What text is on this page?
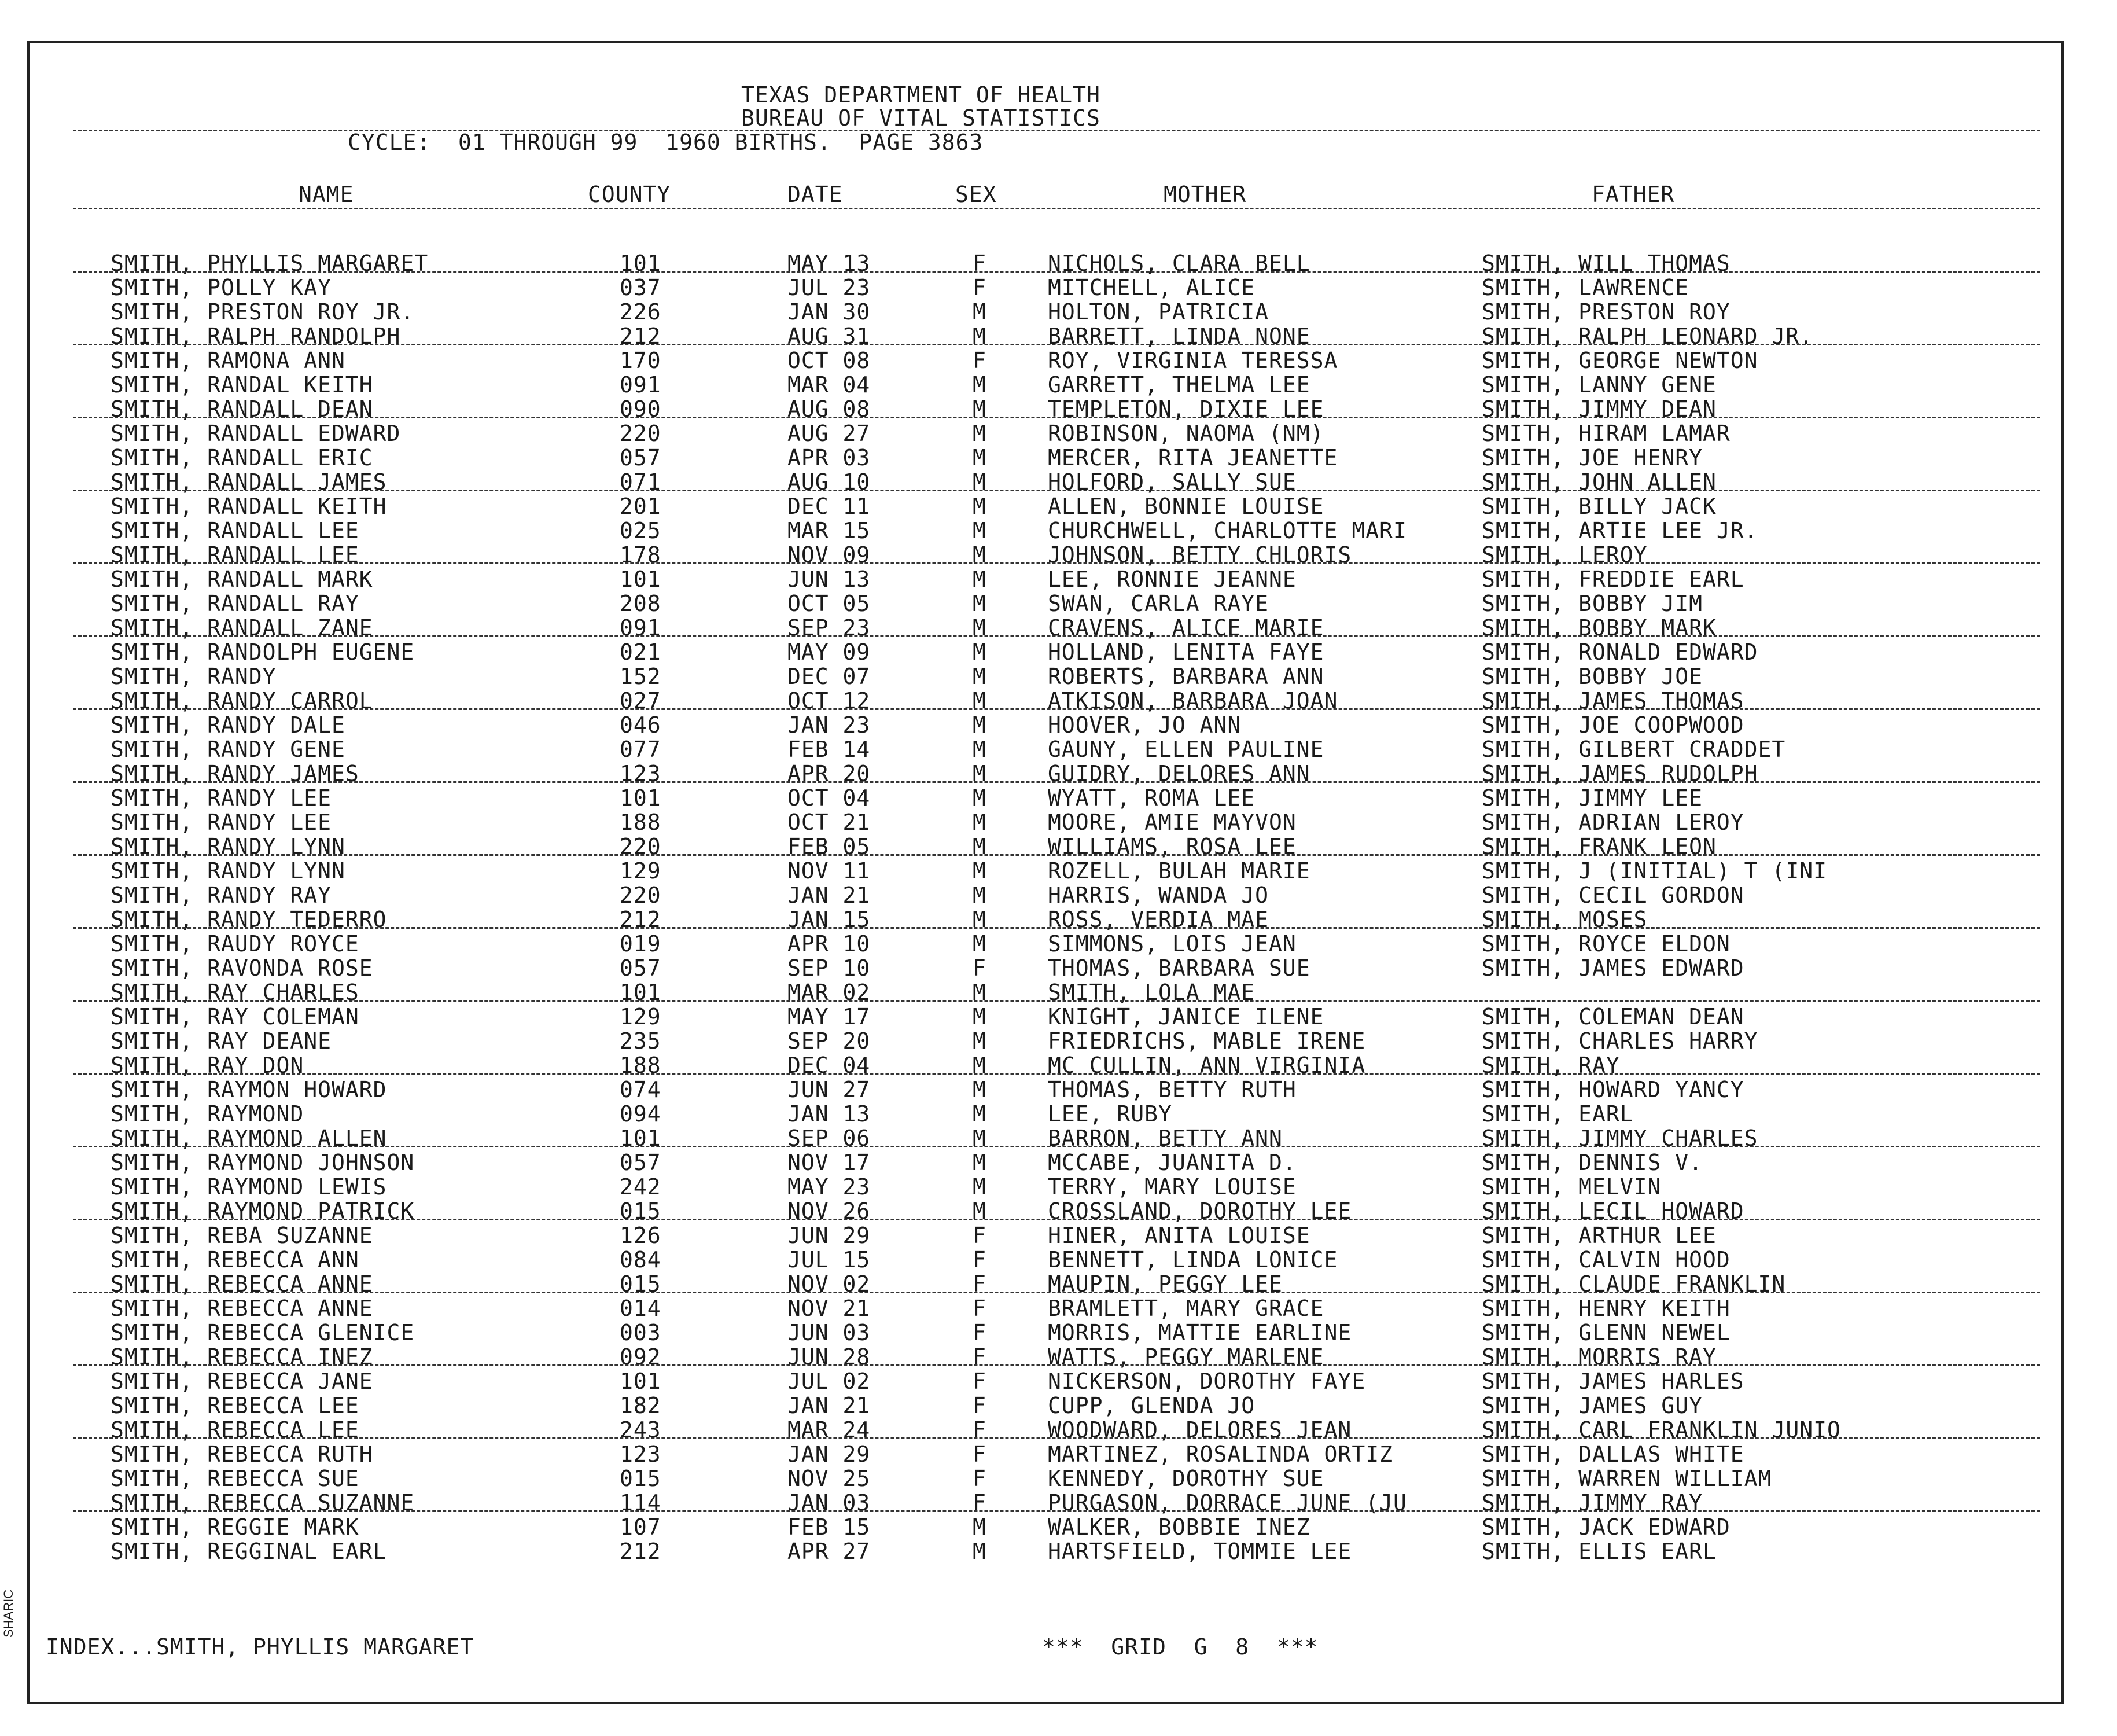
TEXAS DEPARTMENT OF HEALTH
BUREAU OF VITAL STATISTICS
CYCLE:  01 THROUGH 99  1960 BIRTHS.  PAGE 3863
NAME	COUNTY	DATE	SEX	MOTHER	FATHER
SMITH, PHYLLIS MARGARET	101	MAY 13	F	NICHOLS, CLARA BELL	SMITH, WILL THOMAS
SMITH, POLLY KAY	037	JUL 23	F	MITCHELL, ALICE	SMITH, LAWRENCE
SMITH, PRESTON ROY JR.	226	JAN 30	M	HOLTON, PATRICIA	SMITH, PRESTON ROY
SMITH, RALPH RANDOLPH	212	AUG 31	M	BARRETT, LINDA NONE	SMITH, RALPH LEONARD JR.
SMITH, RAMONA ANN	170	OCT 08	F	ROY, VIRGINIA TERESSA	SMITH, GEORGE NEWTON
SMITH, RANDAL KEITH	091	MAR 04	M	GARRETT, THELMA LEE	SMITH, LANNY GENE
SMITH, RANDALL DEAN	090	AUG 08	M	TEMPLETON, DIXIE LEE	SMITH, JIMMY DEAN
SMITH, RANDALL EDWARD	220	AUG 27	M	ROBINSON, NAOMA (NM)	SMITH, HIRAM LAMAR
SMITH, RANDALL ERIC	057	APR 03	M	MERCER, RITA JEANETTE	SMITH, JOE HENRY
SMITH, RANDALL JAMES	071	AUG 10	M	HOLFORD, SALLY SUE	SMITH, JOHN ALLEN
SMITH, RANDALL KEITH	201	DEC 11	M	ALLEN, BONNIE LOUISE	SMITH, BILLY JACK
SMITH, RANDALL LEE	025	MAR 15	M	CHURCHWELL, CHARLOTTE MARI	SMITH, ARTIE LEE JR.
SMITH, RANDALL LEE	178	NOV 09	M	JOHNSON, BETTY CHLORIS	SMITH, LEROY
SMITH, RANDALL MARK	101	JUN 13	M	LEE, RONNIE JEANNE	SMITH, FREDDIE EARL
SMITH, RANDALL RAY	208	OCT 05	M	SWAN, CARLA RAYE	SMITH, BOBBY JIM
SMITH, RANDALL ZANE	091	SEP 23	M	CRAVENS, ALICE MARIE	SMITH, BOBBY MARK
SMITH, RANDOLPH EUGENE	021	MAY 09	M	HOLLAND, LENITA FAYE	SMITH, RONALD EDWARD
SMITH, RANDY	152	DEC 07	M	ROBERTS, BARBARA ANN	SMITH, BOBBY JOE
SMITH, RANDY CARROL	027	OCT 12	M	ATKISON, BARBARA JOAN	SMITH, JAMES THOMAS
SMITH, RANDY DALE	046	JAN 23	M	HOOVER, JO ANN	SMITH, JOE COOPWOOD
SMITH, RANDY GENE	077	FEB 14	M	GAUNY, ELLEN PAULINE	SMITH, GILBERT CRADDET
SMITH, RANDY JAMES	123	APR 20	M	GUIDRY, DELORES ANN	SMITH, JAMES RUDOLPH
SMITH, RANDY LEE	101	OCT 04	M	WYATT, ROMA LEE	SMITH, JIMMY LEE
SMITH, RANDY LEE	188	OCT 21	M	MOORE, AMIE MAYVON	SMITH, ADRIAN LEROY
SMITH, RANDY LYNN	220	FEB 05	M	WILLIAMS, ROSA LEE	SMITH, FRANK LEON
SMITH, RANDY LYNN	129	NOV 11	M	ROZELL, BULAH MARIE	SMITH, J (INITIAL) T (INI
SMITH, RANDY RAY	220	JAN 21	M	HARRIS, WANDA JO	SMITH, CECIL GORDON
SMITH, RANDY TEDERRO	212	JAN 15	M	ROSS, VERDIA MAE	SMITH, MOSES
SMITH, RAUDY ROYCE	019	APR 10	M	SIMMONS, LOIS JEAN	SMITH, ROYCE ELDON
SMITH, RAVONDA ROSE	057	SEP 10	F	THOMAS, BARBARA SUE	SMITH, JAMES EDWARD
SMITH, RAY CHARLES	101	MAR 02	M	SMITH, LOLA MAE
SMITH, RAY COLEMAN	129	MAY 17	M	KNIGHT, JANICE ILENE	SMITH, COLEMAN DEAN
SMITH, RAY DEANE	235	SEP 20	M	FRIEDRICHS, MABLE IRENE	SMITH, CHARLES HARRY
SMITH, RAY DON	188	DEC 04	M	MC CULLIN, ANN VIRGINIA	SMITH, RAY
SMITH, RAYMON HOWARD	074	JUN 27	M	THOMAS, BETTY RUTH	SMITH, HOWARD YANCY
SMITH, RAYMOND	094	JAN 13	M	LEE, RUBY	SMITH, EARL
SMITH, RAYMOND ALLEN	101	SEP 06	M	BARRON, BETTY ANN	SMITH, JIMMY CHARLES
SMITH, RAYMOND JOHNSON	057	NOV 17	M	MCCABE, JUANITA D.	SMITH, DENNIS V.
SMITH, RAYMOND LEWIS	242	MAY 23	M	TERRY, MARY LOUISE	SMITH, MELVIN
SMITH, RAYMOND PATRICK	015	NOV 26	M	CROSSLAND, DOROTHY LEE	SMITH, LECIL HOWARD
SMITH, REBA SUZANNE	126	JUN 29	F	HINER, ANITA LOUISE	SMITH, ARTHUR LEE
SMITH, REBECCA ANN	084	JUL 15	F	BENNETT, LINDA LONICE	SMITH, CALVIN HOOD
SMITH, REBECCA ANNE	015	NOV 02	F	MAUPIN, PEGGY LEE	SMITH, CLAUDE FRANKLIN
SMITH, REBECCA ANNE	014	NOV 21	F	BRAMLETT, MARY GRACE	SMITH, HENRY KEITH
SMITH, REBECCA GLENICE	003	JUN 03	F	MORRIS, MATTIE EARLINE	SMITH, GLENN NEWEL
SMITH, REBECCA INEZ	092	JUN 28	F	WATTS, PEGGY MARLENE	SMITH, MORRIS RAY
SMITH, REBECCA JANE	101	JUL 02	F	NICKERSON, DOROTHY FAYE	SMITH, JAMES HARLES
SMITH, REBECCA LEE	182	JAN 21	F	CUPP, GLENDA JO	SMITH, JAMES GUY
SMITH, REBECCA LEE	243	MAR 24	F	WOODWARD, DELORES JEAN	SMITH, CARL FRANKLIN JUNIO
SMITH, REBECCA RUTH	123	JAN 29	F	MARTINEZ, ROSALINDA ORTIZ	SMITH, DALLAS WHITE
SMITH, REBECCA SUE	015	NOV 25	F	KENNEDY, DOROTHY SUE	SMITH, WARREN WILLIAM
SMITH, REBECCA SUZANNE	114	JAN 03	F	PURGASON, DORRACE JUNE (JU	SMITH, JIMMY RAY
SMITH, REGGIE MARK	107	FEB 15	M	WALKER, BOBBIE INEZ	SMITH, JACK EDWARD
SMITH, REGGINAL EARL	212	APR 27	M	HARTSFIELD, TOMMIE LEE	SMITH, ELLIS EARL
INDEX...SMITH, PHYLLIS MARGARET	***  GRID  G  8  ***
SHARIC
